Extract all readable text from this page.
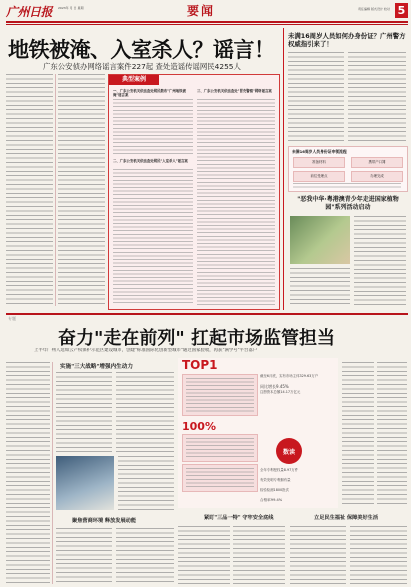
广州日报 2023年 月 日 星期	要闻	责任编辑 版式设计 校对 5
地铁被淹、入室杀人？谣言！
广东公安侦办网络谣言案件227起 查处造谣传谣网民4255人
典型案例
一、广东公安机关依法查处网民散布"广州地铁被淹"谣言案
二、广东公安机关依法查处网民"入室杀人"谣言案
三、广东公安机关依法查处"冒充警察"网络谣言案
未满16周岁人员如何办身份证？广州警方权威指引来了！
未满16周岁人员身份证申领流程
准备材料	携带户口簿
前往受理点	办理完成
"恶我中华·粤港澳青少年走进国家植物园"系列活动启动
专题
奋力"走在前列" 扛起市场监管担当
上半年广州人选如云产权保护示范区建设城市，创建"标准国际化创新型城市"通过国家验收，再获"满学号"平台落户
实施"三大战略"增强内生动力
聚焦营商环境 释放发展动能
TOP1
截至6月底，实有市场主体329.63万户
同比增长9.45%
注册资本总额14.17万亿元
100%
数读
全年专利授权量8.97万件
有效发明专利拥有量
检验检测1800批次
合格率99.4%
紧盯"三品一特" 守牢安全底线	立足民生福祉 保障美好生活
